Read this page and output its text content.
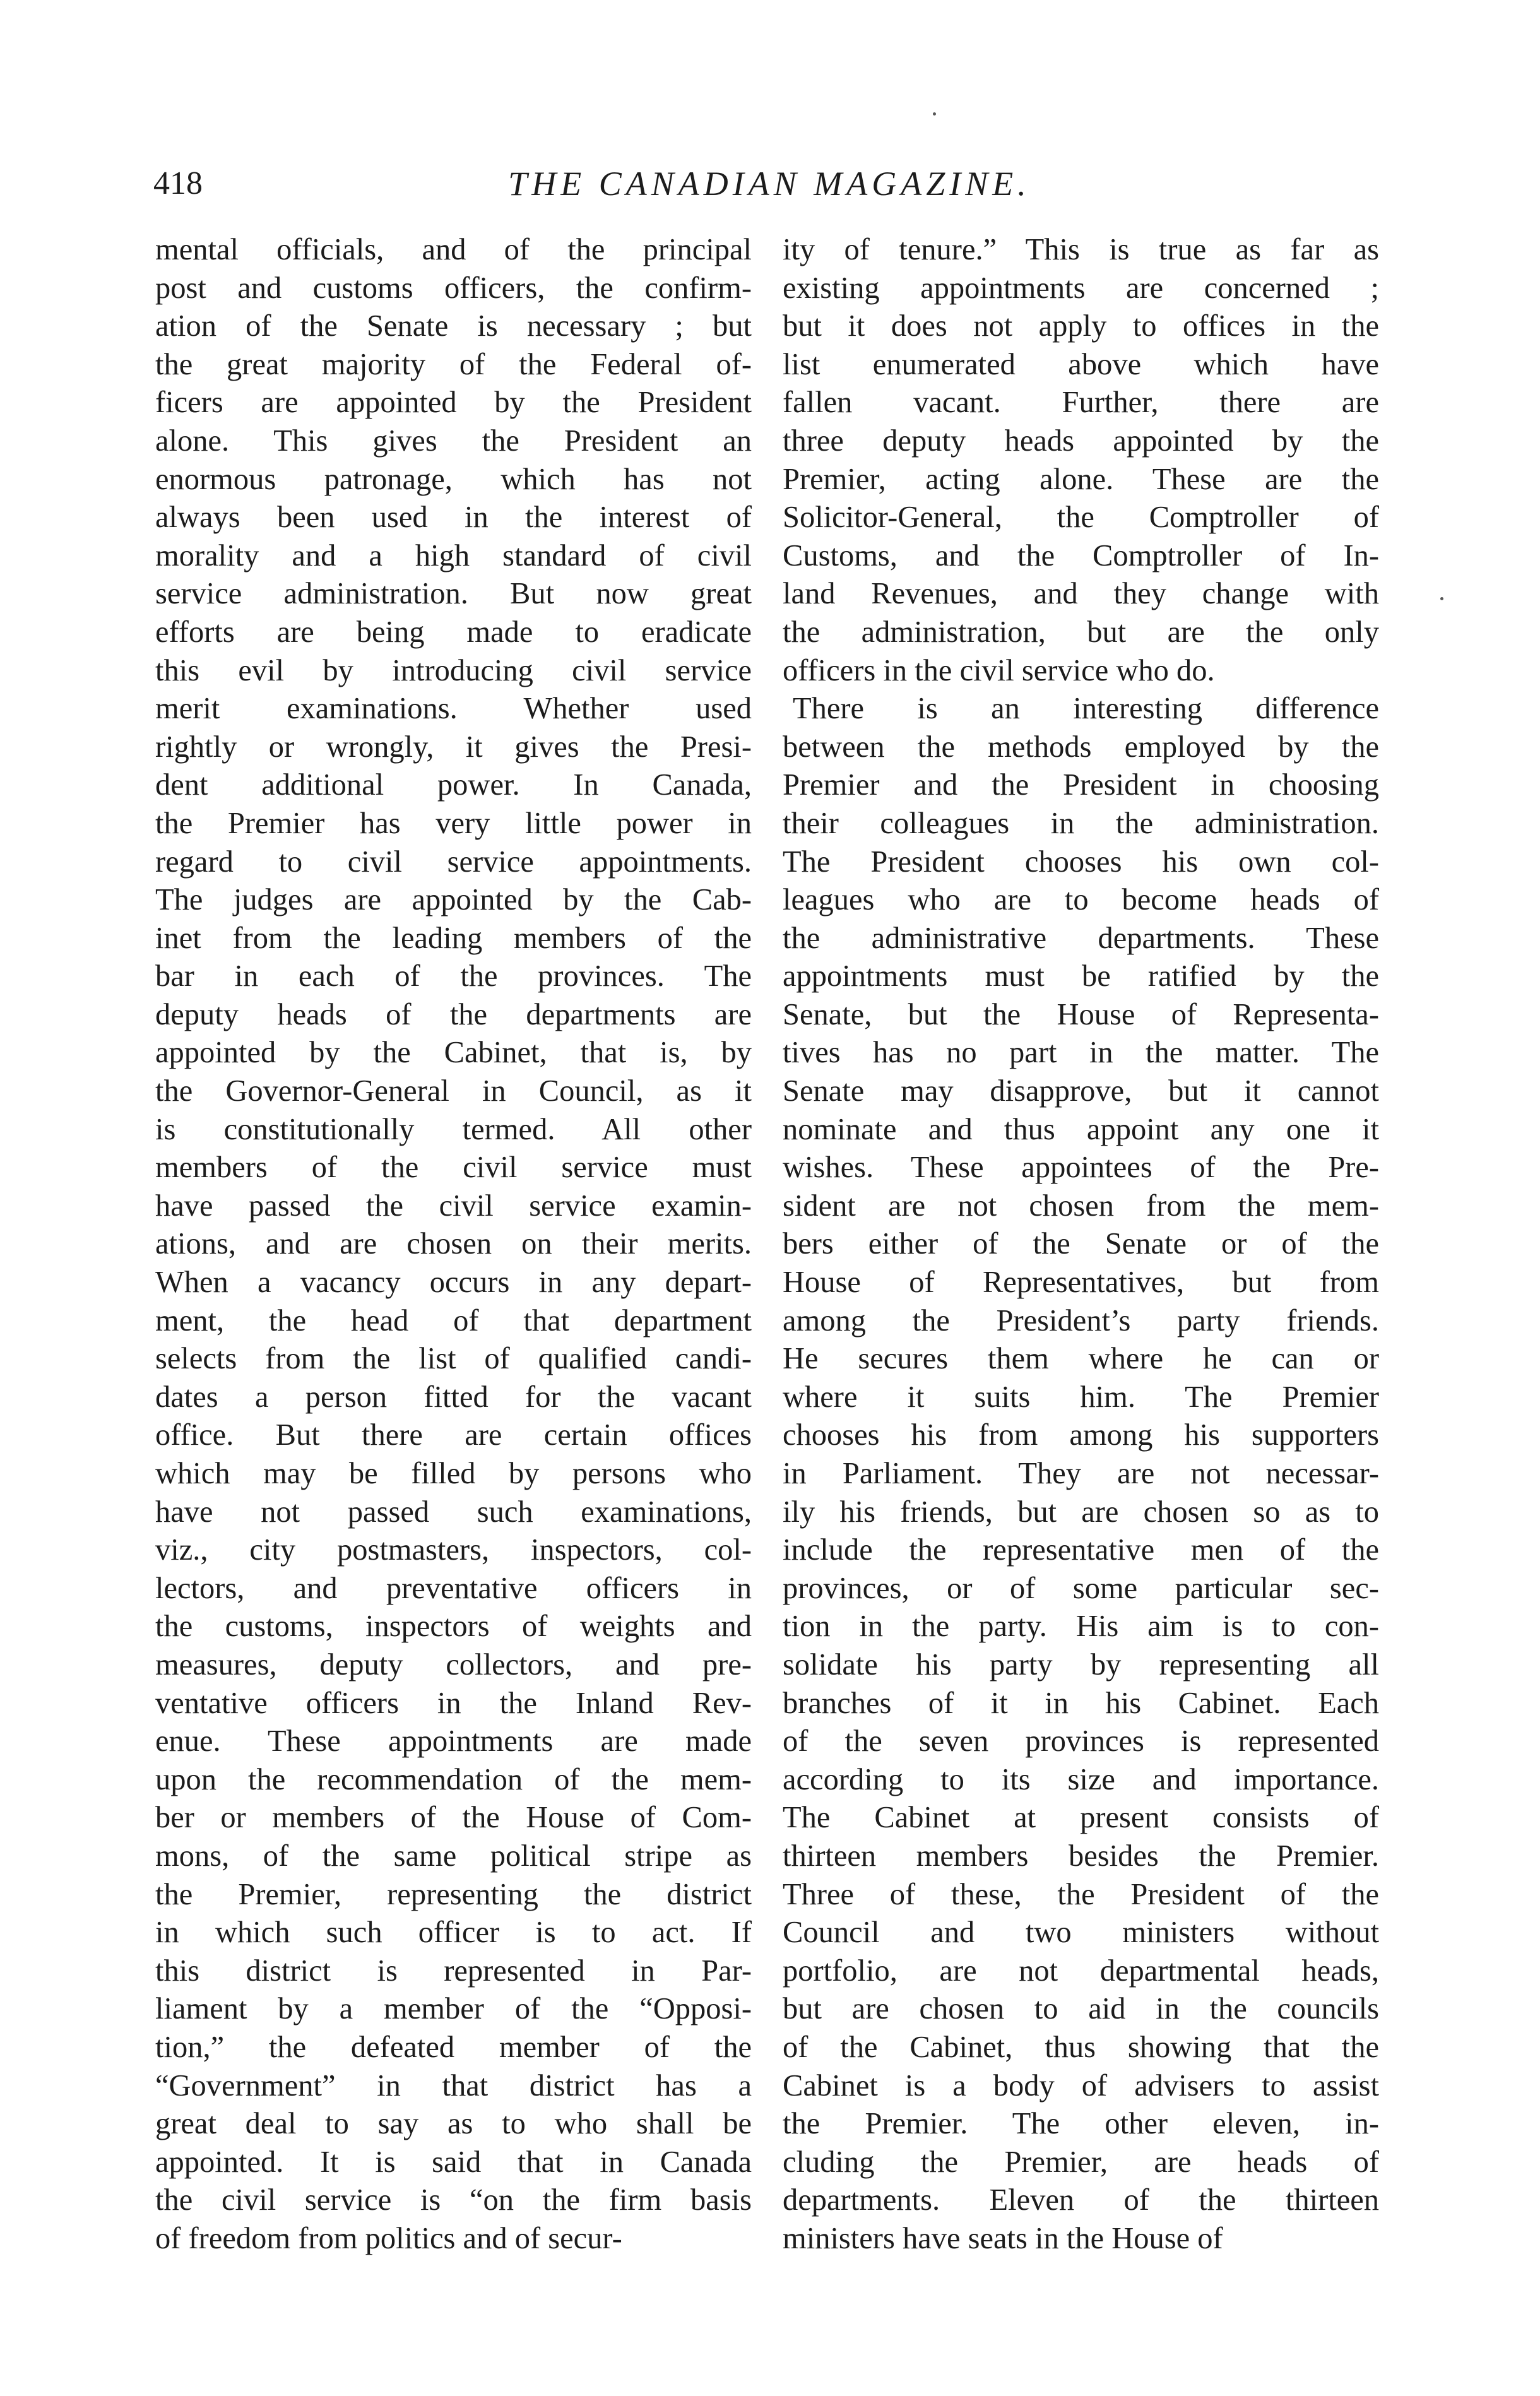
418	THE CANADIAN MAGAZINE.
mental officials, and of the principal
post and customs officers, the confirm-
ation of the Senate is necessary ; but
the great majority of the Federal of-
ficers are appointed by the President
alone. This gives the President an
enormous patronage, which has not
always been used in the interest of
morality and a high standard of civil
service administration. But now great
efforts are being made to eradicate
this evil by introducing civil service
merit examinations. Whether used
rightly or wrongly, it gives the Presi-
dent additional power. In Canada,
the Premier has very little power in
regard to civil service appointments.
The judges are appointed by the Cab-
inet from the leading members of the
bar in each of the provinces. The
deputy heads of the departments are
appointed by the Cabinet, that is, by
the Governor-General in Council, as it
is constitutionally termed. All other
members of the civil service must
have passed the civil service examin-
ations, and are chosen on their merits.
When a vacancy occurs in any depart-
ment, the head of that department
selects from the list of qualified candi-
dates a person fitted for the vacant
office. But there are certain offices
which may be filled by persons who
have not passed such examinations,
viz., city postmasters, inspectors, col-
lectors, and preventative officers in
the customs, inspectors of weights and
measures, deputy collectors, and pre-
ventative officers in the Inland Rev-
enue. These appointments are made
upon the recommendation of the mem-
ber or members of the House of Com-
mons, of the same political stripe as
the Premier, representing the district
in which such officer is to act. If
this district is represented in Par-
liament by a member of the “Opposi-
tion,” the defeated member of the
“Government” in that district has a
great deal to say as to who shall be
appointed. It is said that in Canada
the civil service is “on the firm basis
of freedom from politics and of secur-
ity of tenure.” This is true as far as
existing appointments are concerned ;
but it does not apply to offices in the
list enumerated above which have
fallen vacant. Further, there are
three deputy heads appointed by the
Premier, acting alone. These are the
Solicitor-General, the Comptroller of
Customs, and the Comptroller of In-
land Revenues, and they change with
the administration, but are the only
officers in the civil service who do.
There is an interesting difference
between the methods employed by the
Premier and the President in choosing
their colleagues in the administration.
The President chooses his own col-
leagues who are to become heads of
the administrative departments. These
appointments must be ratified by the
Senate, but the House of Representa-
tives has no part in the matter. The
Senate may disapprove, but it cannot
nominate and thus appoint any one it
wishes. These appointees of the Pre-
sident are not chosen from the mem-
bers either of the Senate or of the
House of Representatives, but from
among the President’s party friends.
He secures them where he can or
where it suits him. The Premier
chooses his from among his supporters
in Parliament. They are not necessar-
ily his friends, but are chosen so as to
include the representative men of the
provinces, or of some particular sec-
tion in the party. His aim is to con-
solidate his party by representing all
branches of it in his Cabinet. Each
of the seven provinces is represented
according to its size and importance.
The Cabinet at present consists of
thirteen members besides the Premier.
Three of these, the President of the
Council and two ministers without
portfolio, are not departmental heads,
but are chosen to aid in the councils
of the Cabinet, thus showing that the
Cabinet is a body of advisers to assist
the Premier. The other eleven, in-
cluding the Premier, are heads of
departments. Eleven of the thirteen
ministers have seats in the House of
